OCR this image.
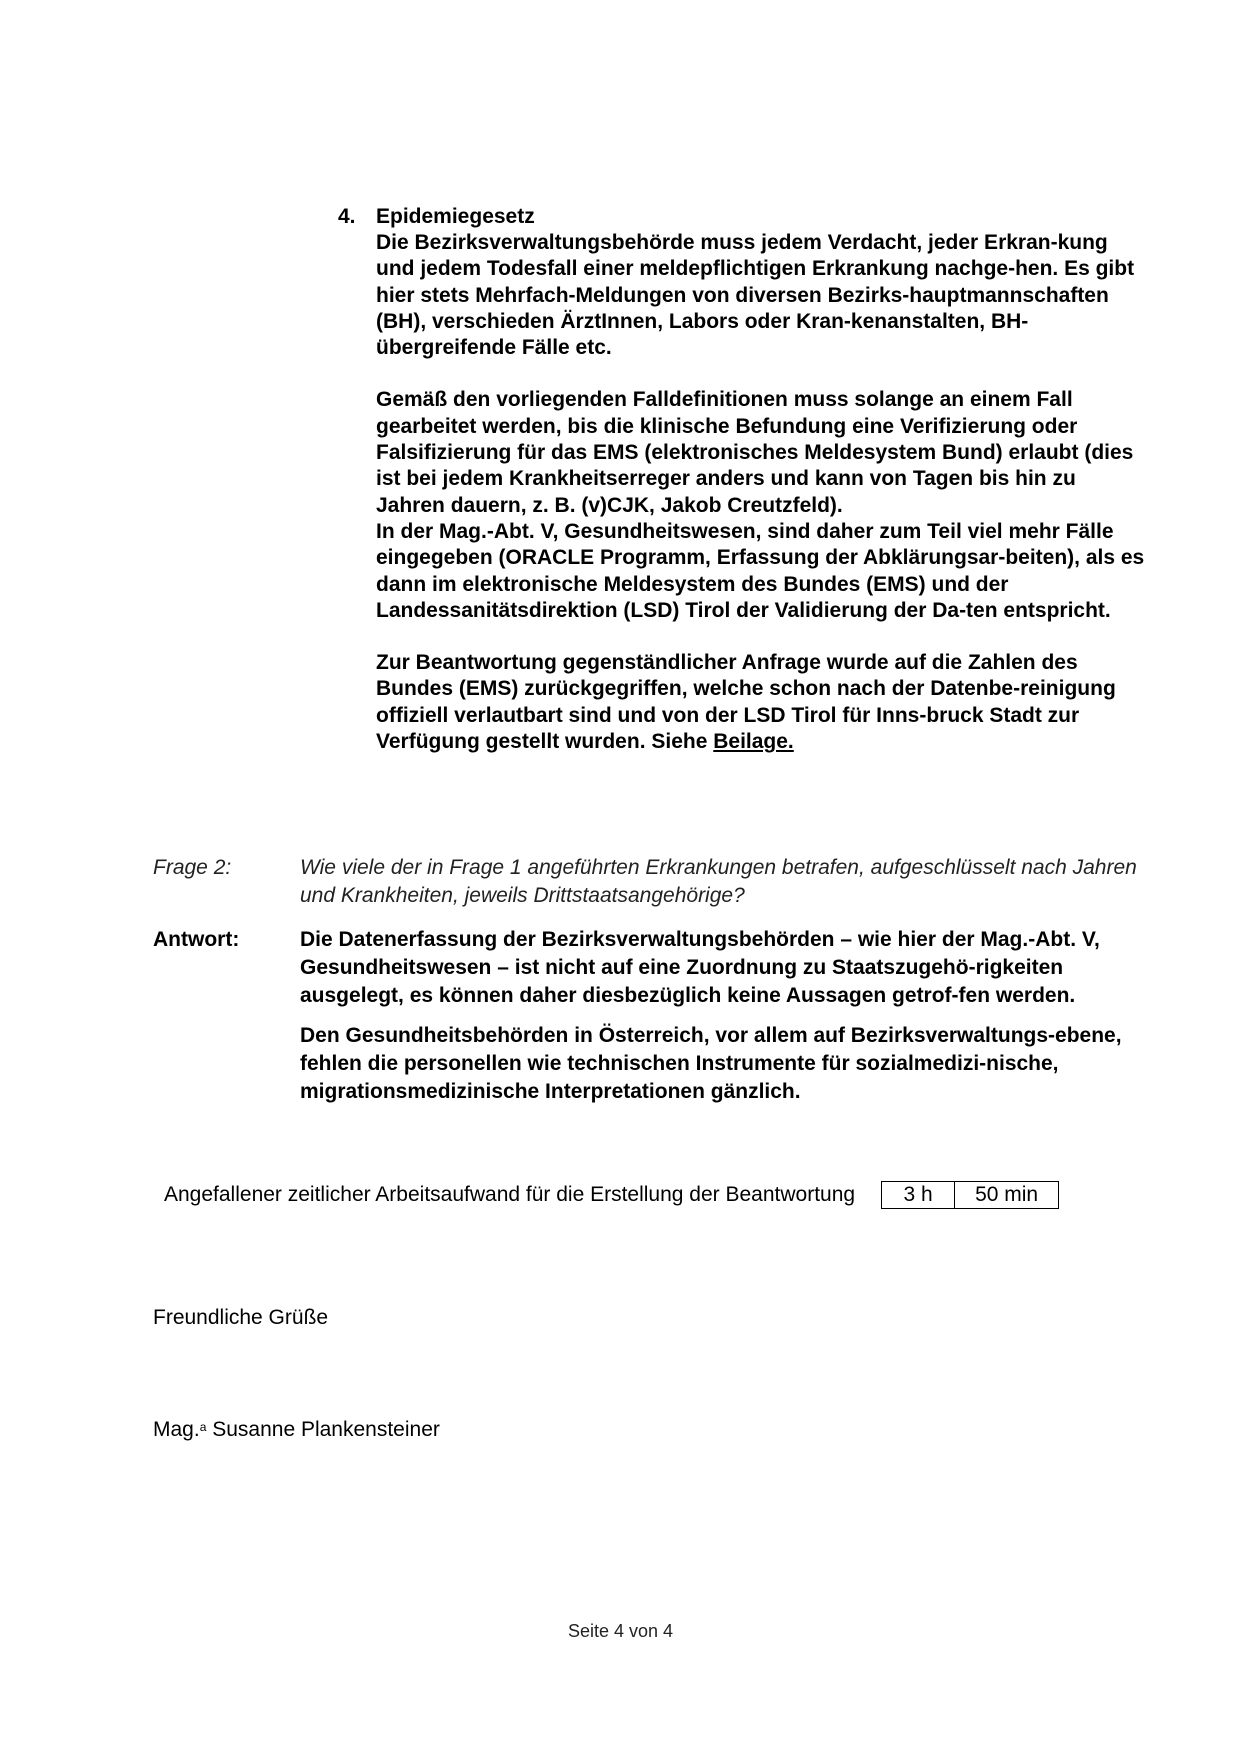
4. Epidemiegesetz

Die Bezirksverwaltungsbehörde muss jedem Verdacht, jeder Erkran-kung und jedem Todesfall einer meldepflichtigen Erkrankung nachge-hen. Es gibt hier stets Mehrfach-Meldungen von diversen Bezirks-hauptmannschaften (BH), verschieden ÄrztInnen, Labors oder Kran-kenanstalten, BH-übergreifende Fälle etc.

Gemäß den vorliegenden Falldefinitionen muss solange an einem Fall gearbeitet werden, bis die klinische Befundung eine Verifizierung oder Falsifizierung für das EMS (elektronisches Meldesystem Bund) erlaubt (dies ist bei jedem Krankheitserreger anders und kann von Tagen bis hin zu Jahren dauern, z. B. (v)CJK, Jakob Creutzfeld).

In der Mag.-Abt. V, Gesundheitswesen, sind daher zum Teil viel mehr Fälle eingegeben (ORACLE Programm, Erfassung der Abklärungsar-beiten), als es dann im elektronische Meldesystem des Bundes (EMS) und der Landessanitätsdirektion (LSD) Tirol der Validierung der Da-ten entspricht.

Zur Beantwortung gegenständlicher Anfrage wurde auf die Zahlen des Bundes (EMS) zurückgegriffen, welche schon nach der Datenbe-reinigung offiziell verlautbart sind und von der LSD Tirol für Inns-bruck Stadt zur Verfügung gestellt wurden. Siehe Beilage.

Frage 2:	Wie viele der in Frage 1 angeführten Erkrankungen betrafen, aufgeschlüsselt nach Jahren und Krankheiten, jeweils Drittstaatsangehörige?
Antwort:	Die Datenerfassung der Bezirksverwaltungsbehörden – wie hier der Mag.-Abt. V, Gesundheitswesen – ist nicht auf eine Zuordnung zu Staatszugehö-rigkeiten ausgelegt, es können daher diesbezüglich keine Aussagen getrof-fen werden.

Den Gesundheitsbehörden in Österreich, vor allem auf Bezirksverwaltungs-ebene, fehlen die personellen wie technischen Instrumente für sozialmedizi-nische, migrationsmedizinische Interpretationen gänzlich.

Angefallener zeitlicher Arbeitsaufwand für die Erstellung der Beantwortung	3 h	50 min
Freundliche Grüße
Mag.$^a$ Susanne Plankensteiner
Seite 4 von 4
